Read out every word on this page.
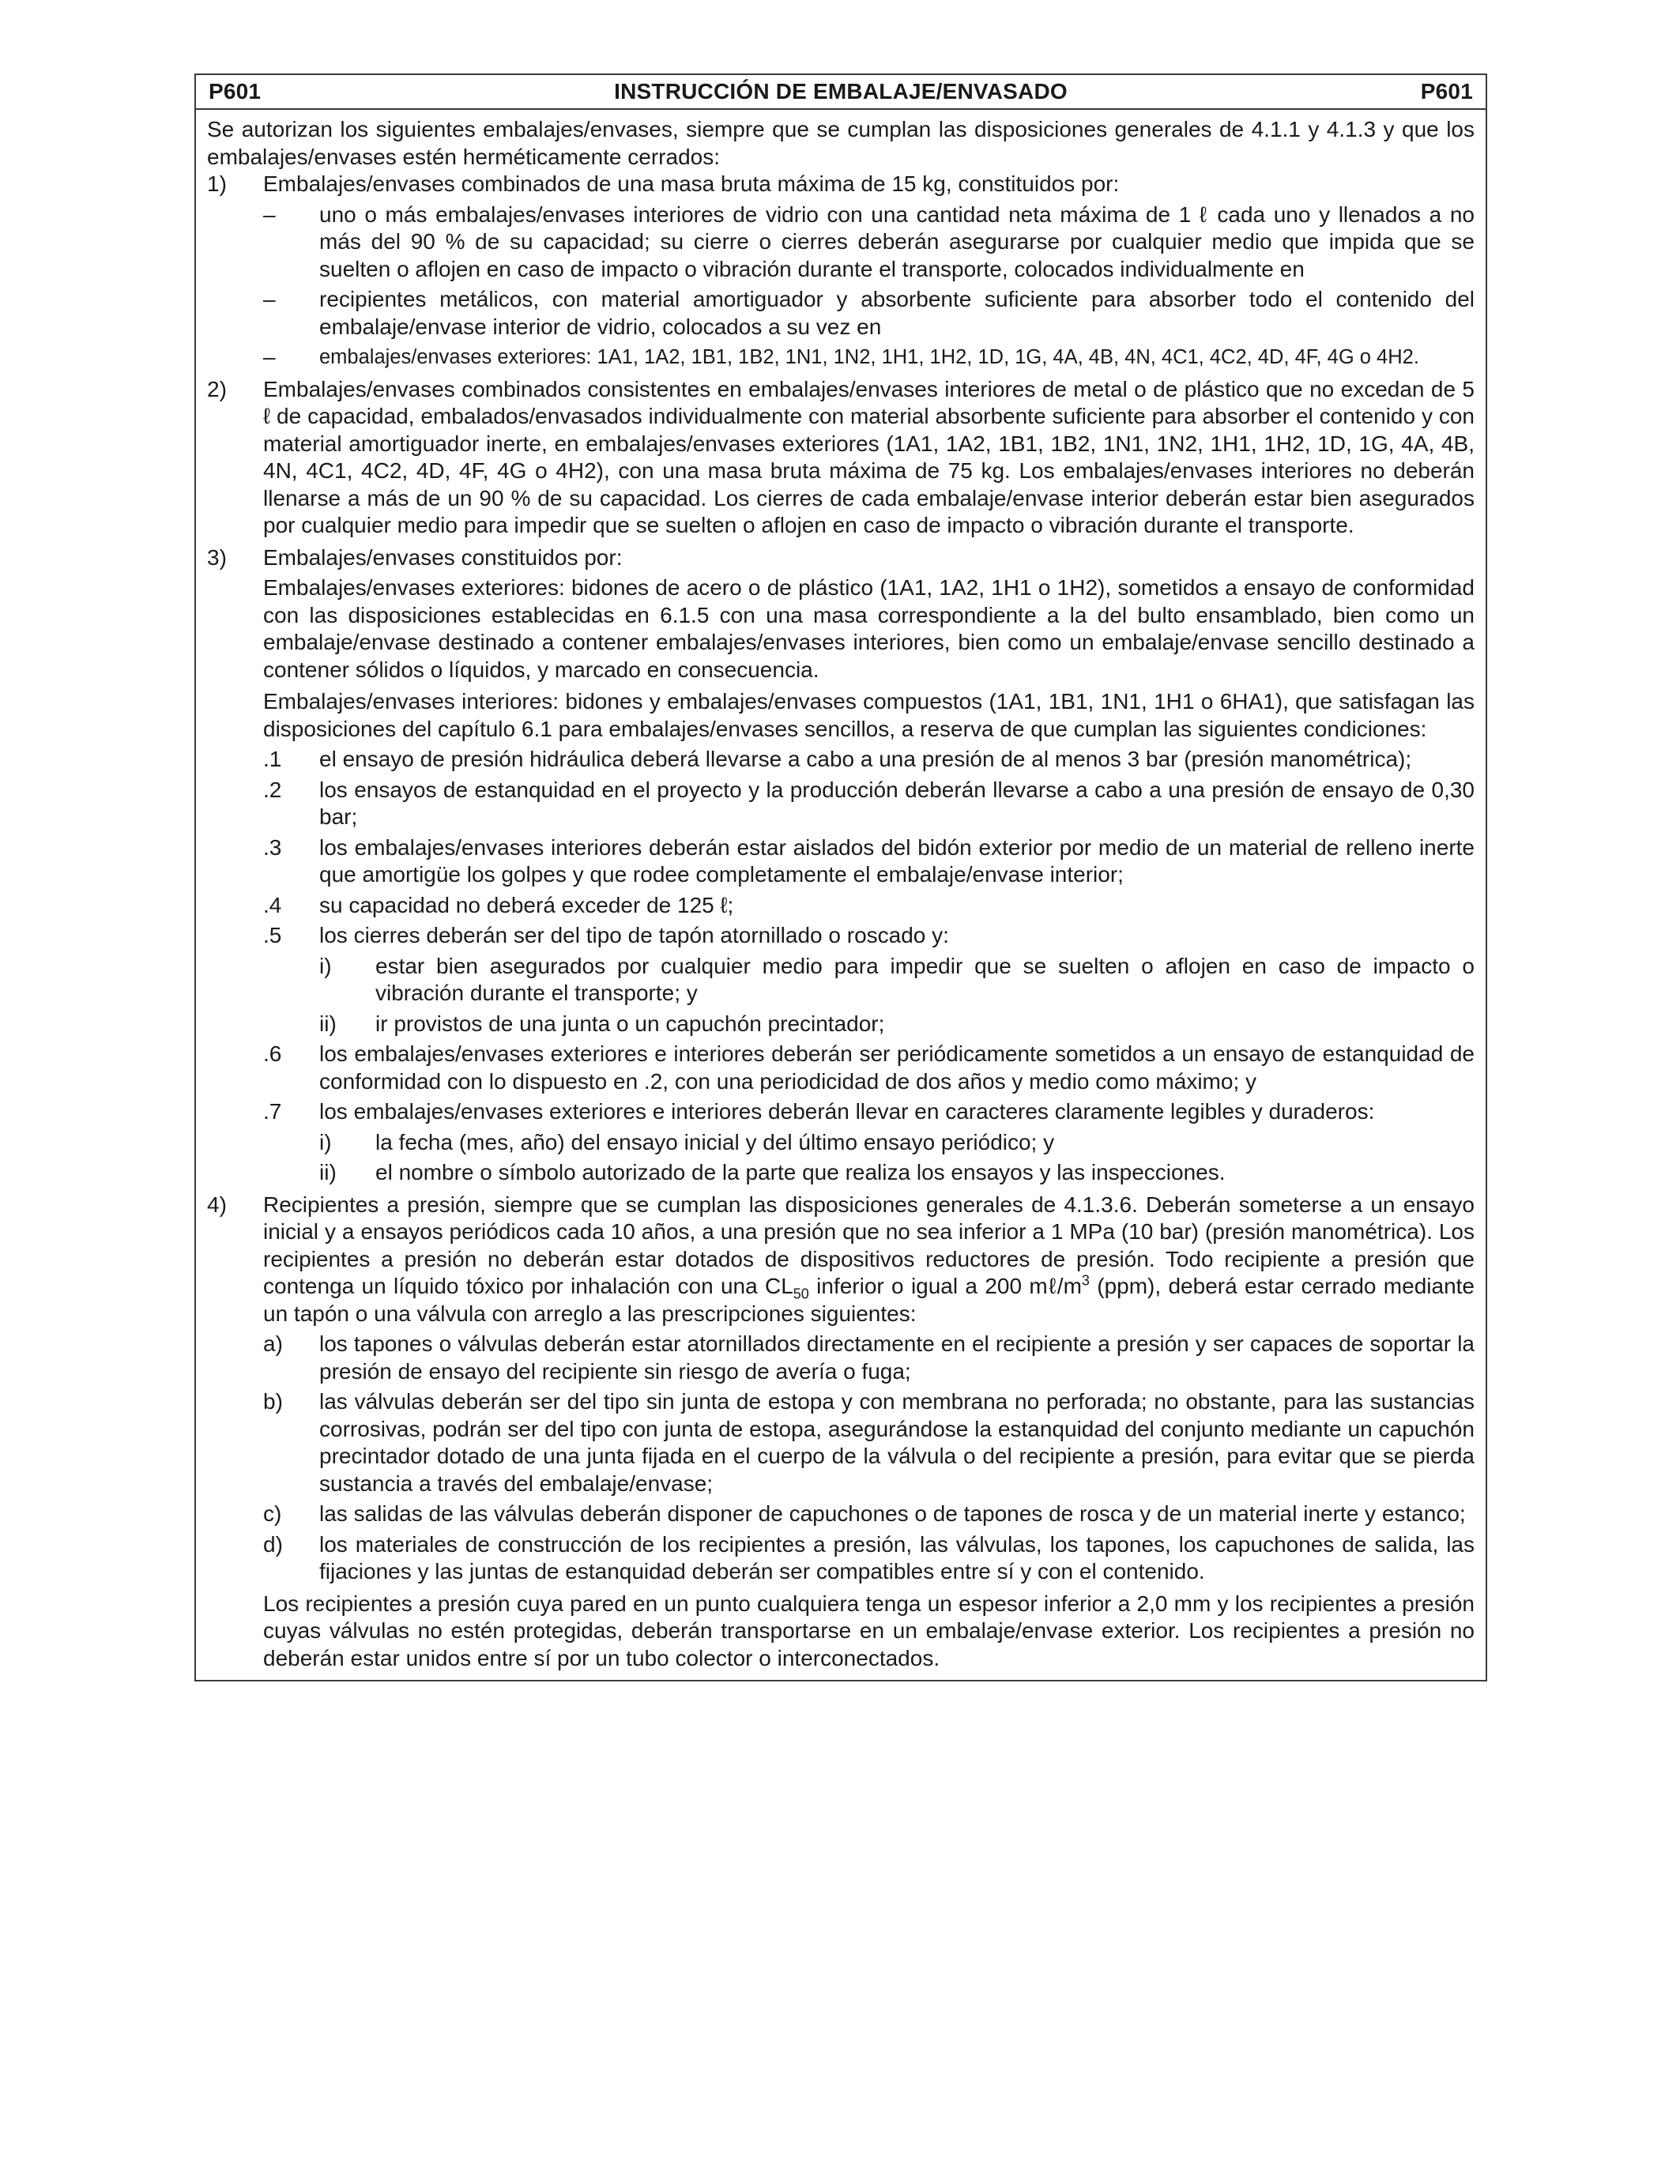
P601	INSTRUCCIÓN DE EMBALAJE/ENVASADO	P601

Se autorizan los siguientes embalajes/envases, siempre que se cumplan las disposiciones generales de 4.1.1 y 4.1.3 y que los embalajes/envases estén herméticamente cerrados:

1)	Embalajes/envases combinados de una masa bruta máxima de 15 kg, constituidos por:
–	uno o más embalajes/envases interiores de vidrio con una cantidad neta máxima de 1 ℓ cada uno y llenados a no más del 90 % de su capacidad; su cierre o cierres deberán asegurarse por cualquier medio que impida que se suelten o aflojen en caso de impacto o vibración durante el transporte, colocados individualmente en
–	recipientes metálicos, con material amortiguador y absorbente suficiente para absorber todo el contenido del embalaje/envase interior de vidrio, colocados a su vez en
–	embalajes/envases exteriores: 1A1, 1A2, 1B1, 1B2, 1N1, 1N2, 1H1, 1H2, 1D, 1G, 4A, 4B, 4N, 4C1, 4C2, 4D, 4F, 4G o 4H2.
2)	Embalajes/envases combinados consistentes en embalajes/envases interiores de metal o de plástico que no excedan de 5 ℓ de capacidad, embalados/envasados individualmente con material absorbente suficiente para absorber el contenido y con material amortiguador inerte, en embalajes/envases exteriores (1A1, 1A2, 1B1, 1B2, 1N1, 1N2, 1H1, 1H2, 1D, 1G, 4A, 4B, 4N, 4C1, 4C2, 4D, 4F, 4G o 4H2), con una masa bruta máxima de 75 kg. Los embalajes/envases interiores no deberán llenarse a más de un 90 % de su capacidad. Los cierres de cada embalaje/envase interior deberán estar bien asegurados por cualquier medio para impedir que se suelten o aflojen en caso de impacto o vibración durante el transporte.
3)	Embalajes/envases constituidos por:

Embalajes/envases exteriores: bidones de acero o de plástico (1A1, 1A2, 1H1 o 1H2), sometidos a ensayo de conformidad con las disposiciones establecidas en 6.1.5 con una masa correspondiente a la del bulto ensamblado, bien como un embalaje/envase destinado a contener embalajes/envases interiores, bien como un embalaje/envase sencillo destinado a contener sólidos o líquidos, y marcado en consecuencia.

Embalajes/envases interiores: bidones y embalajes/envases compuestos (1A1, 1B1, 1N1, 1H1 o 6HA1), que satisfagan las disposiciones del capítulo 6.1 para embalajes/envases sencillos, a reserva de que cumplan las siguientes condiciones:

.1	el ensayo de presión hidráulica deberá llevarse a cabo a una presión de al menos 3 bar (presión manométrica);
.2	los ensayos de estanquidad en el proyecto y la producción deberán llevarse a cabo a una presión de ensayo de 0,30 bar;
.3	los embalajes/envases interiores deberán estar aislados del bidón exterior por medio de un material de relleno inerte que amortigüe los golpes y que rodee completamente el embalaje/envase interior;
.4	su capacidad no deberá exceder de 125 ℓ;
.5	los cierres deberán ser del tipo de tapón atornillado o roscado y:
i)	estar bien asegurados por cualquier medio para impedir que se suelten o aflojen en caso de impacto o vibración durante el transporte; y
ii)	ir provistos de una junta o un capuchón precintador;
.6	los embalajes/envases exteriores e interiores deberán ser periódicamente sometidos a un ensayo de estanquidad de conformidad con lo dispuesto en .2, con una periodicidad de dos años y medio como máximo; y
.7	los embalajes/envases exteriores e interiores deberán llevar en caracteres claramente legibles y duraderos:
i)	la fecha (mes, año) del ensayo inicial y del último ensayo periódico; y
ii)	el nombre o símbolo autorizado de la parte que realiza los ensayos y las inspecciones.
4)	Recipientes a presión, siempre que se cumplan las disposiciones generales de 4.1.3.6. Deberán someterse a un ensayo inicial y a ensayos periódicos cada 10 años, a una presión que no sea inferior a 1 MPa (10 bar) (presión manométrica). Los recipientes a presión no deberán estar dotados de dispositivos reductores de presión. Todo recipiente a presión que contenga un líquido tóxico por inhalación con una $CL_{50}$ inferior o igual a 200 $m\ell/m^3$ (ppm), deberá estar cerrado mediante un tapón o una válvula con arreglo a las prescripciones siguientes:
a)	los tapones o válvulas deberán estar atornillados directamente en el recipiente a presión y ser capaces de soportar la presión de ensayo del recipiente sin riesgo de avería o fuga;
b)	las válvulas deberán ser del tipo sin junta de estopa y con membrana no perforada; no obstante, para las sustancias corrosivas, podrán ser del tipo con junta de estopa, asegurándose la estanquidad del conjunto mediante un capuchón precintador dotado de una junta fijada en el cuerpo de la válvula o del recipiente a presión, para evitar que se pierda sustancia a través del embalaje/envase;
c)	las salidas de las válvulas deberán disponer de capuchones o de tapones de rosca y de un material inerte y estanco;
d)	los materiales de construcción de los recipientes a presión, las válvulas, los tapones, los capuchones de salida, las fijaciones y las juntas de estanquidad deberán ser compatibles entre sí y con el contenido.

Los recipientes a presión cuya pared en un punto cualquiera tenga un espesor inferior a 2,0 mm y los recipientes a presión cuyas válvulas no estén protegidas, deberán transportarse en un embalaje/envase exterior. Los recipientes a presión no deberán estar unidos entre sí por un tubo colector o interconectados.
